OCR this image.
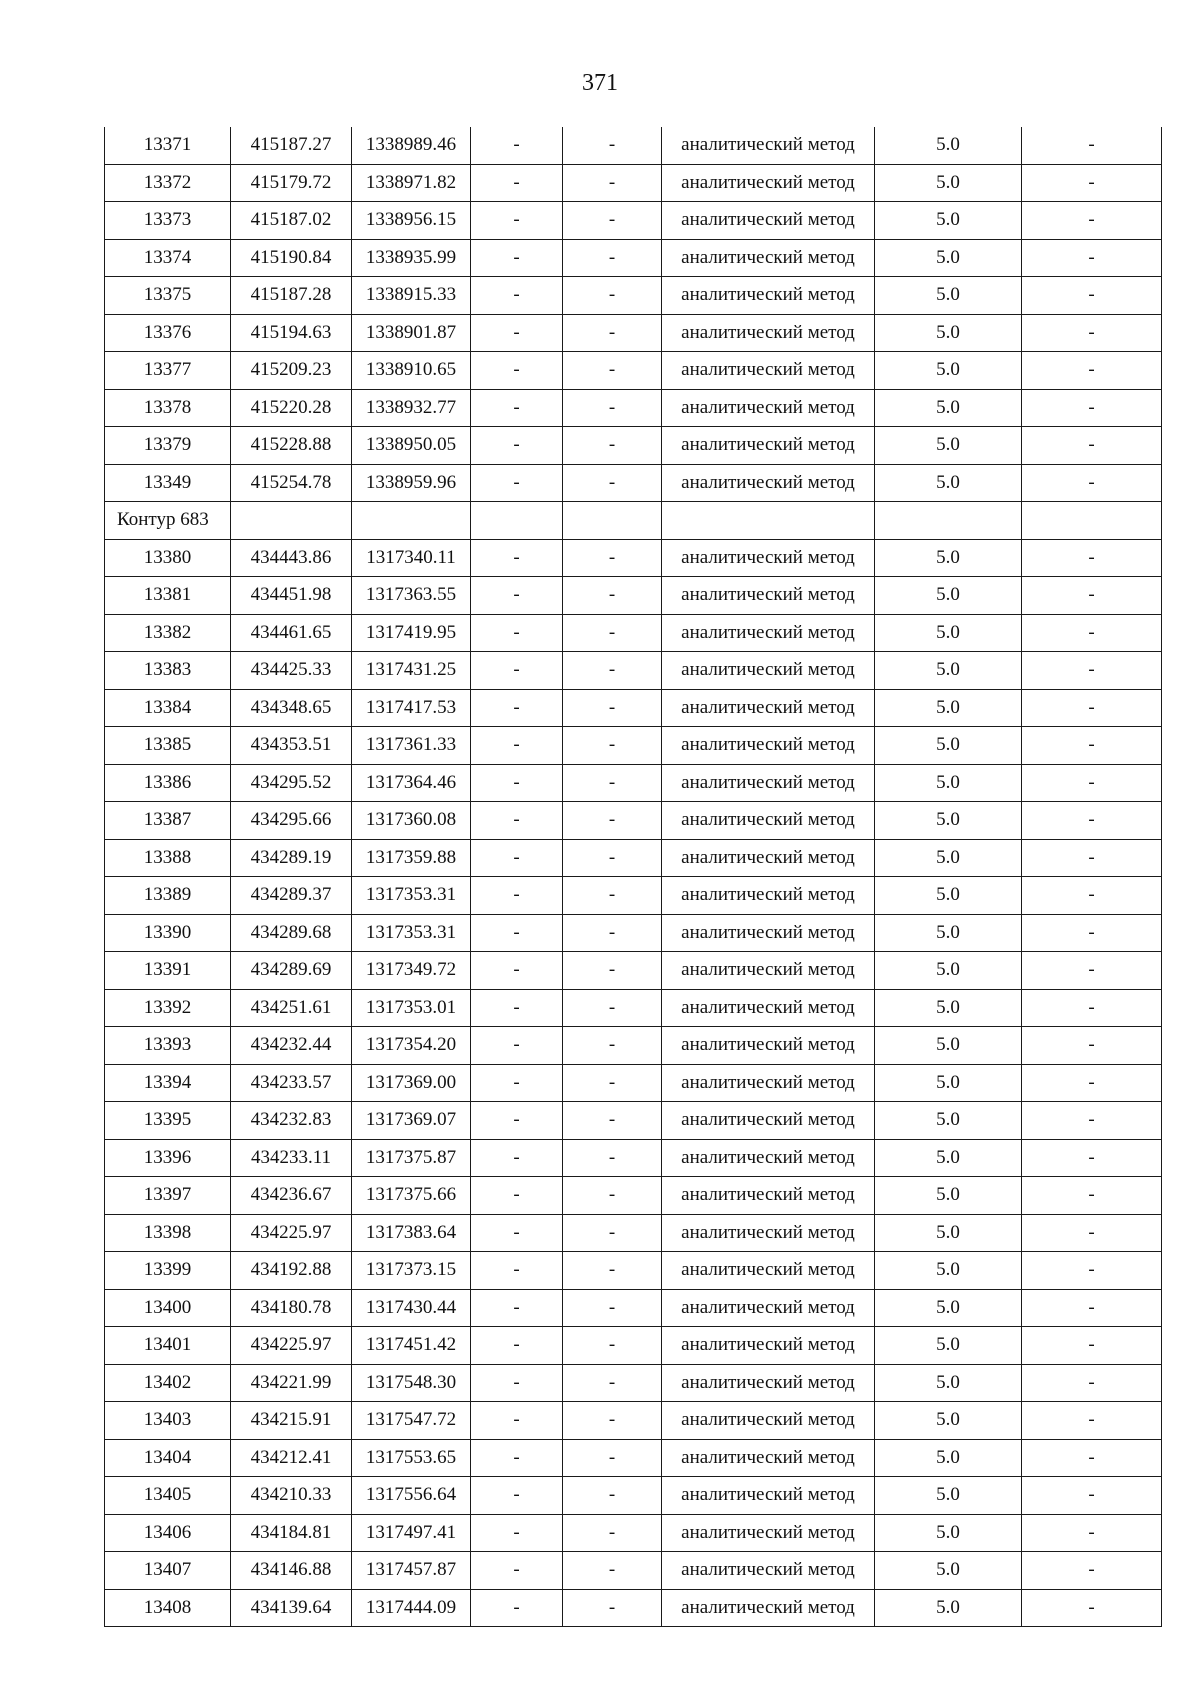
371
13371	415187.27	1338989.46	-	-	аналитический метод	5.0	-
13372	415179.72	1338971.82	-	-	аналитический метод	5.0	-
13373	415187.02	1338956.15	-	-	аналитический метод	5.0	-
13374	415190.84	1338935.99	-	-	аналитический метод	5.0	-
13375	415187.28	1338915.33	-	-	аналитический метод	5.0	-
13376	415194.63	1338901.87	-	-	аналитический метод	5.0	-
13377	415209.23	1338910.65	-	-	аналитический метод	5.0	-
13378	415220.28	1338932.77	-	-	аналитический метод	5.0	-
13379	415228.88	1338950.05	-	-	аналитический метод	5.0	-
13349	415254.78	1338959.96	-	-	аналитический метод	5.0	-
Контур 683							
13380	434443.86	1317340.11	-	-	аналитический метод	5.0	-
13381	434451.98	1317363.55	-	-	аналитический метод	5.0	-
13382	434461.65	1317419.95	-	-	аналитический метод	5.0	-
13383	434425.33	1317431.25	-	-	аналитический метод	5.0	-
13384	434348.65	1317417.53	-	-	аналитический метод	5.0	-
13385	434353.51	1317361.33	-	-	аналитический метод	5.0	-
13386	434295.52	1317364.46	-	-	аналитический метод	5.0	-
13387	434295.66	1317360.08	-	-	аналитический метод	5.0	-
13388	434289.19	1317359.88	-	-	аналитический метод	5.0	-
13389	434289.37	1317353.31	-	-	аналитический метод	5.0	-
13390	434289.68	1317353.31	-	-	аналитический метод	5.0	-
13391	434289.69	1317349.72	-	-	аналитический метод	5.0	-
13392	434251.61	1317353.01	-	-	аналитический метод	5.0	-
13393	434232.44	1317354.20	-	-	аналитический метод	5.0	-
13394	434233.57	1317369.00	-	-	аналитический метод	5.0	-
13395	434232.83	1317369.07	-	-	аналитический метод	5.0	-
13396	434233.11	1317375.87	-	-	аналитический метод	5.0	-
13397	434236.67	1317375.66	-	-	аналитический метод	5.0	-
13398	434225.97	1317383.64	-	-	аналитический метод	5.0	-
13399	434192.88	1317373.15	-	-	аналитический метод	5.0	-
13400	434180.78	1317430.44	-	-	аналитический метод	5.0	-
13401	434225.97	1317451.42	-	-	аналитический метод	5.0	-
13402	434221.99	1317548.30	-	-	аналитический метод	5.0	-
13403	434215.91	1317547.72	-	-	аналитический метод	5.0	-
13404	434212.41	1317553.65	-	-	аналитический метод	5.0	-
13405	434210.33	1317556.64	-	-	аналитический метод	5.0	-
13406	434184.81	1317497.41	-	-	аналитический метод	5.0	-
13407	434146.88	1317457.87	-	-	аналитический метод	5.0	-
13408	434139.64	1317444.09	-	-	аналитический метод	5.0	-
